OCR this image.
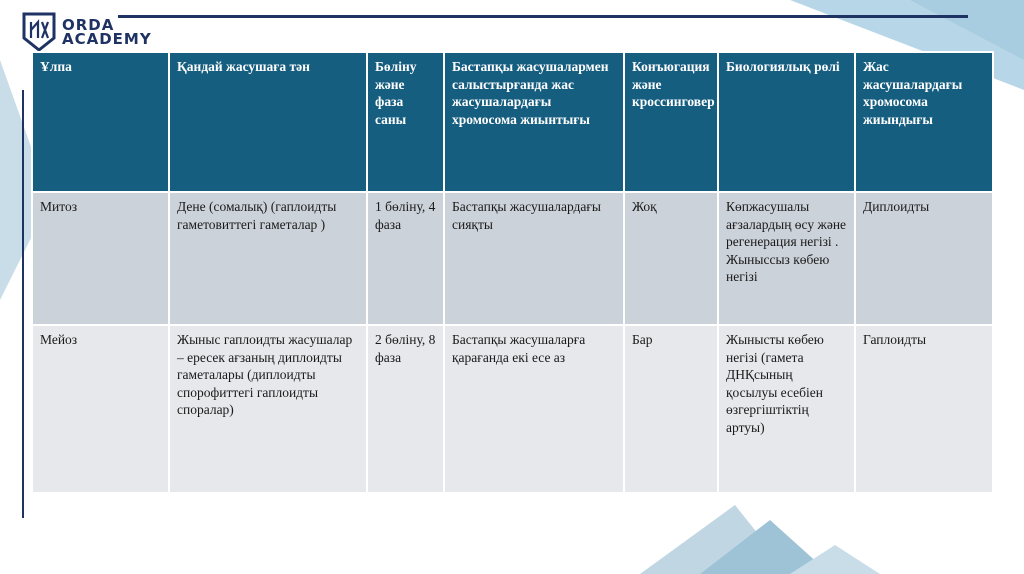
ORDA
ACADEMY
Ұлпа	Қандай жасушаға тән	Бөліну және фаза саны	Бастапқы жасушалармен салыстырғанда жас жасушалардағы хромосома жиынтығы	Конъюгация және кроссинговер	Биологиялық рөлі	Жас жасушалардағы хромосома жиындығы
Митоз	Дене (сомалық) (гаплоидты гаметовиттегі гаметалар )	1 бөліну, 4 фаза	Бастапқы жасушалардағы сияқты	Жоқ	Көпжасушалы ағзалардың өсу және регенерация негізі . Жыныссыз көбею негізі	Диплоидты
Мейоз	Жыныс гаплоидты жасушалар – ересек ағзаның диплоидты гаметалары (диплоидты спорофиттегі гаплоидты споралар)	2 бөліну, 8 фаза	Бастапқы жасушаларға қарағанда екі есе аз	Бар	Жынысты көбею негізі (гамета ДНҚсының қосылуы есебіен өзгергіштіктің артуы)	Гаплоидты
